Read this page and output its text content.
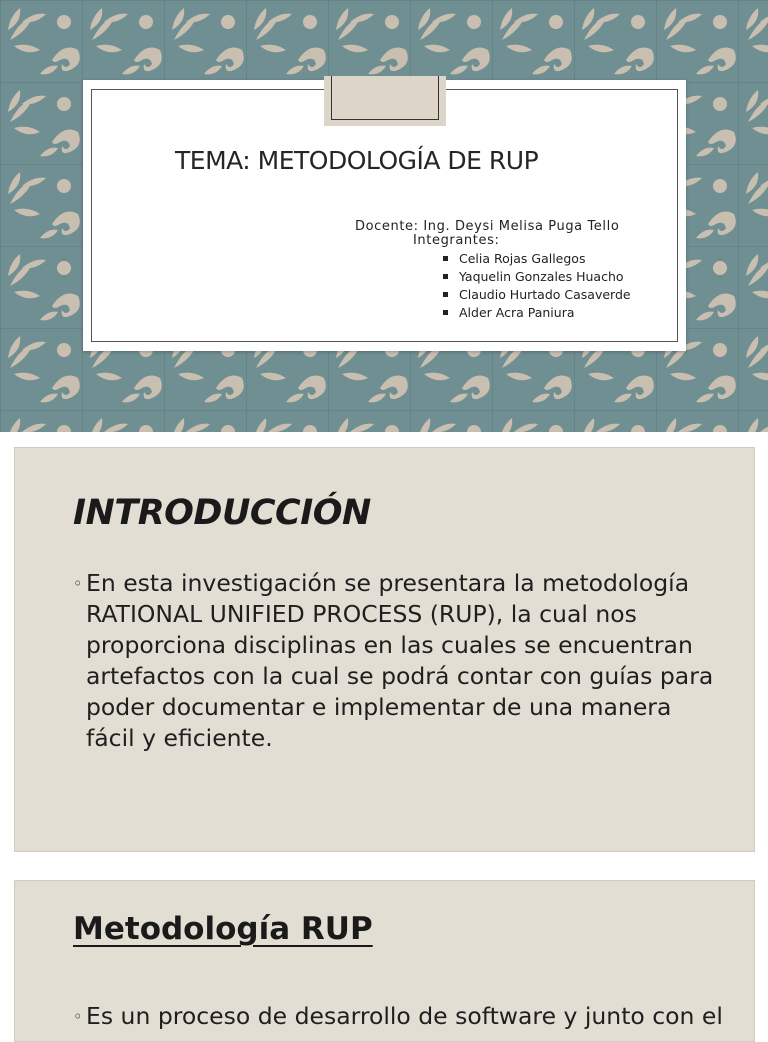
TEMA: METODOLOGÍA DE RUP
Docente: Ing. Deysi Melisa Puga Tello
Integrantes:
Celia Rojas Gallegos
Yaquelin Gonzales Huacho
Claudio Hurtado Casaverde
Alder Acra Paniura
INTRODUCCIÓN
◦ En esta investigación se presentara la metodología RATIONAL UNIFIED PROCESS (RUP), la cual nos proporciona disciplinas en las cuales se encuentran artefactos con la cual se podrá contar con guías para poder documentar e implementar de una manera fácil y eficiente.
Metodología RUP
◦ Es un proceso de desarrollo de software y junto con el
